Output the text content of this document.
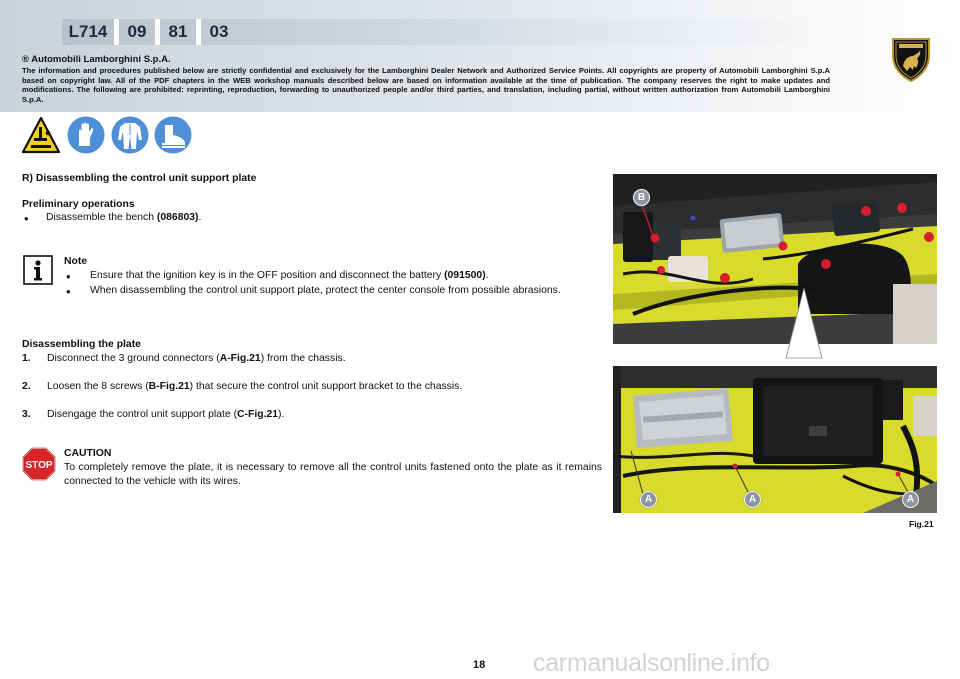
L714	09	81	03
® Automobili Lamborghini S.p.A.
The information and procedures published below are strictly confidential and exclusively for the Lamborghini Dealer Network and Authorized Service Points. All copyrights are property of Automobili Lamborghini S.p.A based on copyright law. All of the PDF chapters in the WEB workshop manuals described below are based on information available at the time of publication. The company reserves the right to make updates and modifications. The following are prohibited: reprinting, reproduction, forwarding to unauthorized people and/or third parties, and translation, including partial, without written authorization from Automobili Lamborghini S.p.A.
R) Disassembling the control unit support plate
Preliminary operations
• Disassemble the bench (086803).
Note
• Ensure that the ignition key is in the OFF position and disconnect the battery (091500).
• When disassembling the control unit support plate, protect the center console from possible abrasions.
Disassembling the plate
1. Disconnect the 3 ground connectors (A-Fig.21) from the chassis.
2. Loosen the 8 screws (B-Fig.21) that secure the control unit support bracket to the chassis.
3. Disengage the control unit support plate (C-Fig.21).
STOP
CAUTION
To completely remove the plate, it is necessary to remove all the control units fastened onto the plate as it remains connected to the vehicle with its wires.
B
A	A	A
Fig.21
18 carmanualsonline.info
